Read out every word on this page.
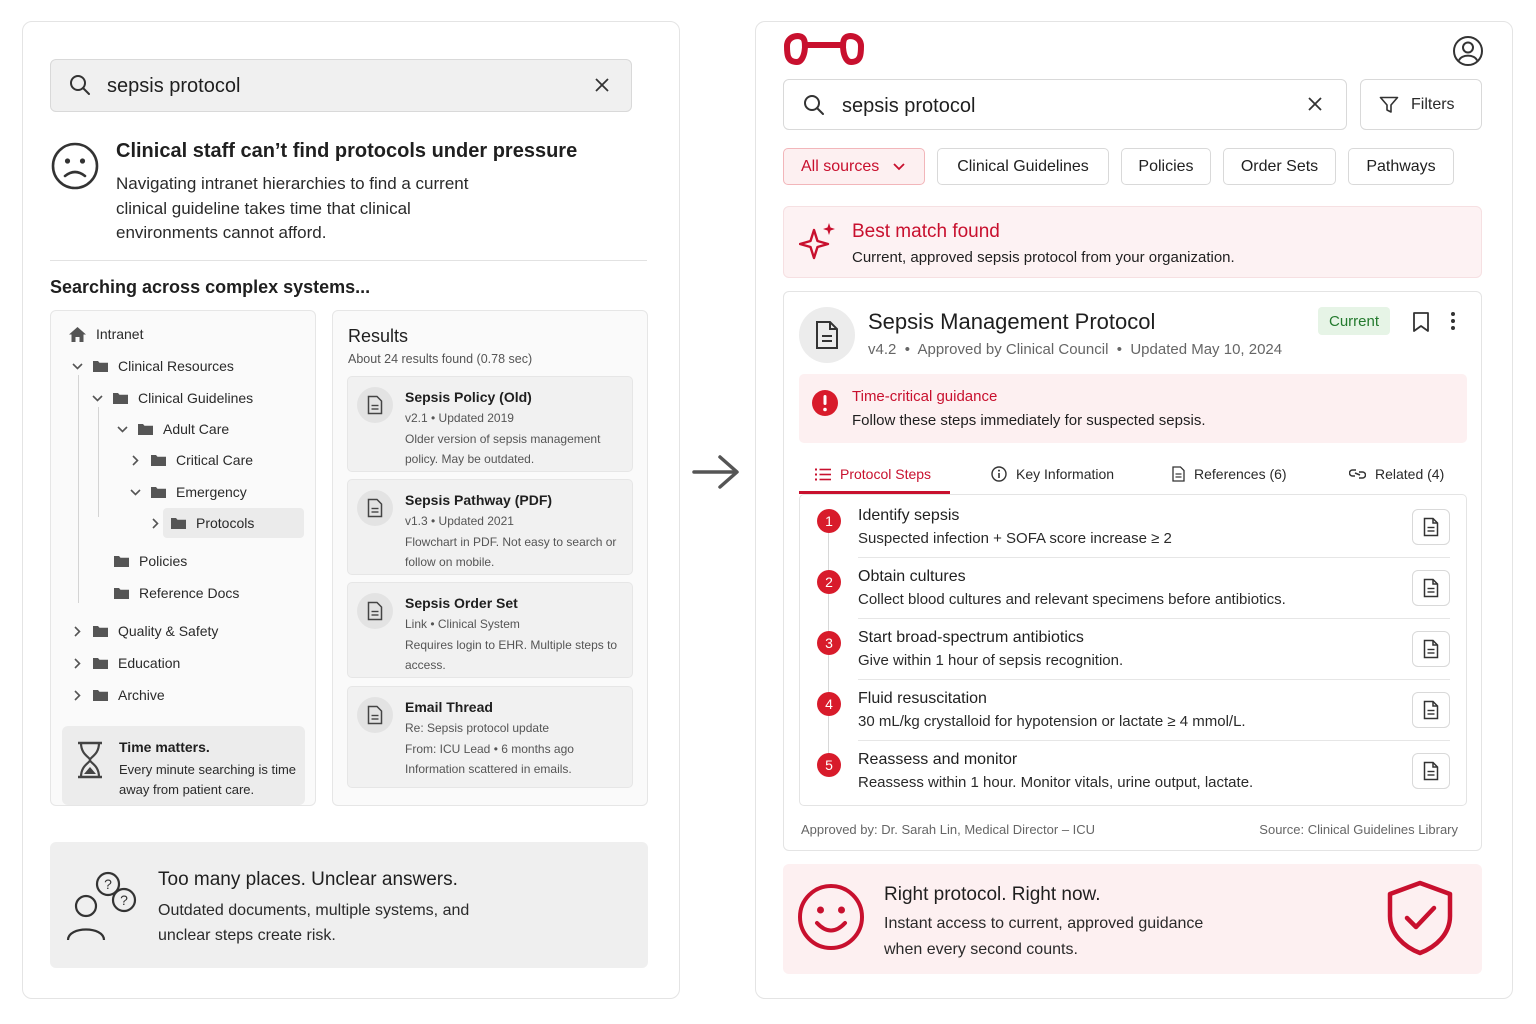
sepsis protocol
Clinical staff can’t find protocols under pressure

Navigating intranet hierarchies to find a current clinical guideline takes time that clinical environments cannot afford.

Searching across complex systems...
Intranet
Clinical Resources
Clinical Guidelines
Adult Care
Critical Care
Emergency
Protocols
Policies
Reference Docs
Quality & Safety
Education
Archive
Time matters.

Every minute searching is time away from patient care.

Results
About 24 results found (0.78 sec)
Sepsis Policy (Old)
v2.1 • Updated 2019
Older version of sepsis management policy. May be outdated.
Sepsis Pathway (PDF)
v1.3 • Updated 2021
Flowchart in PDF. Not easy to search or follow on mobile.
Sepsis Order Set
Link • Clinical System
Requires login to EHR. Multiple steps to access.
Email Thread
Re: Sepsis protocol update
From: ICU Lead • 6 months ago Information scattered in emails.
?
?
Too many places. Unclear answers.

Outdated documents, multiple systems, and unclear steps create risk.

sepsis protocol
Filters
All sources	Clinical Guidelines	Policies	Order Sets	Pathways
Best match found

Current, approved sepsis protocol from your organization.

Sepsis Management Protocol
v4.2  •  Approved by Clinical Council  •  Updated May 10, 2024
Current
Time-critical guidance

Follow these steps immediately for suspected sepsis.

Protocol Steps	Key Information	References (6)	Related (4)
1	Identify sepsis
Suspected infection + SOFA score increase ≥ 2
2	Obtain cultures
Collect blood cultures and relevant specimens before antibiotics.
3	Start broad-spectrum antibiotics
Give within 1 hour of sepsis recognition.
4	Fluid resuscitation
30 mL/kg crystalloid for hypotension or lactate ≥ 4 mmol/L.
5	Reassess and monitor
Reassess within 1 hour. Monitor vitals, urine output, lactate.
Approved by: Dr. Sarah Lin, Medical Director – ICU	Source: Clinical Guidelines Library
Right protocol. Right now.

Instant access to current, approved guidance when every second counts.
